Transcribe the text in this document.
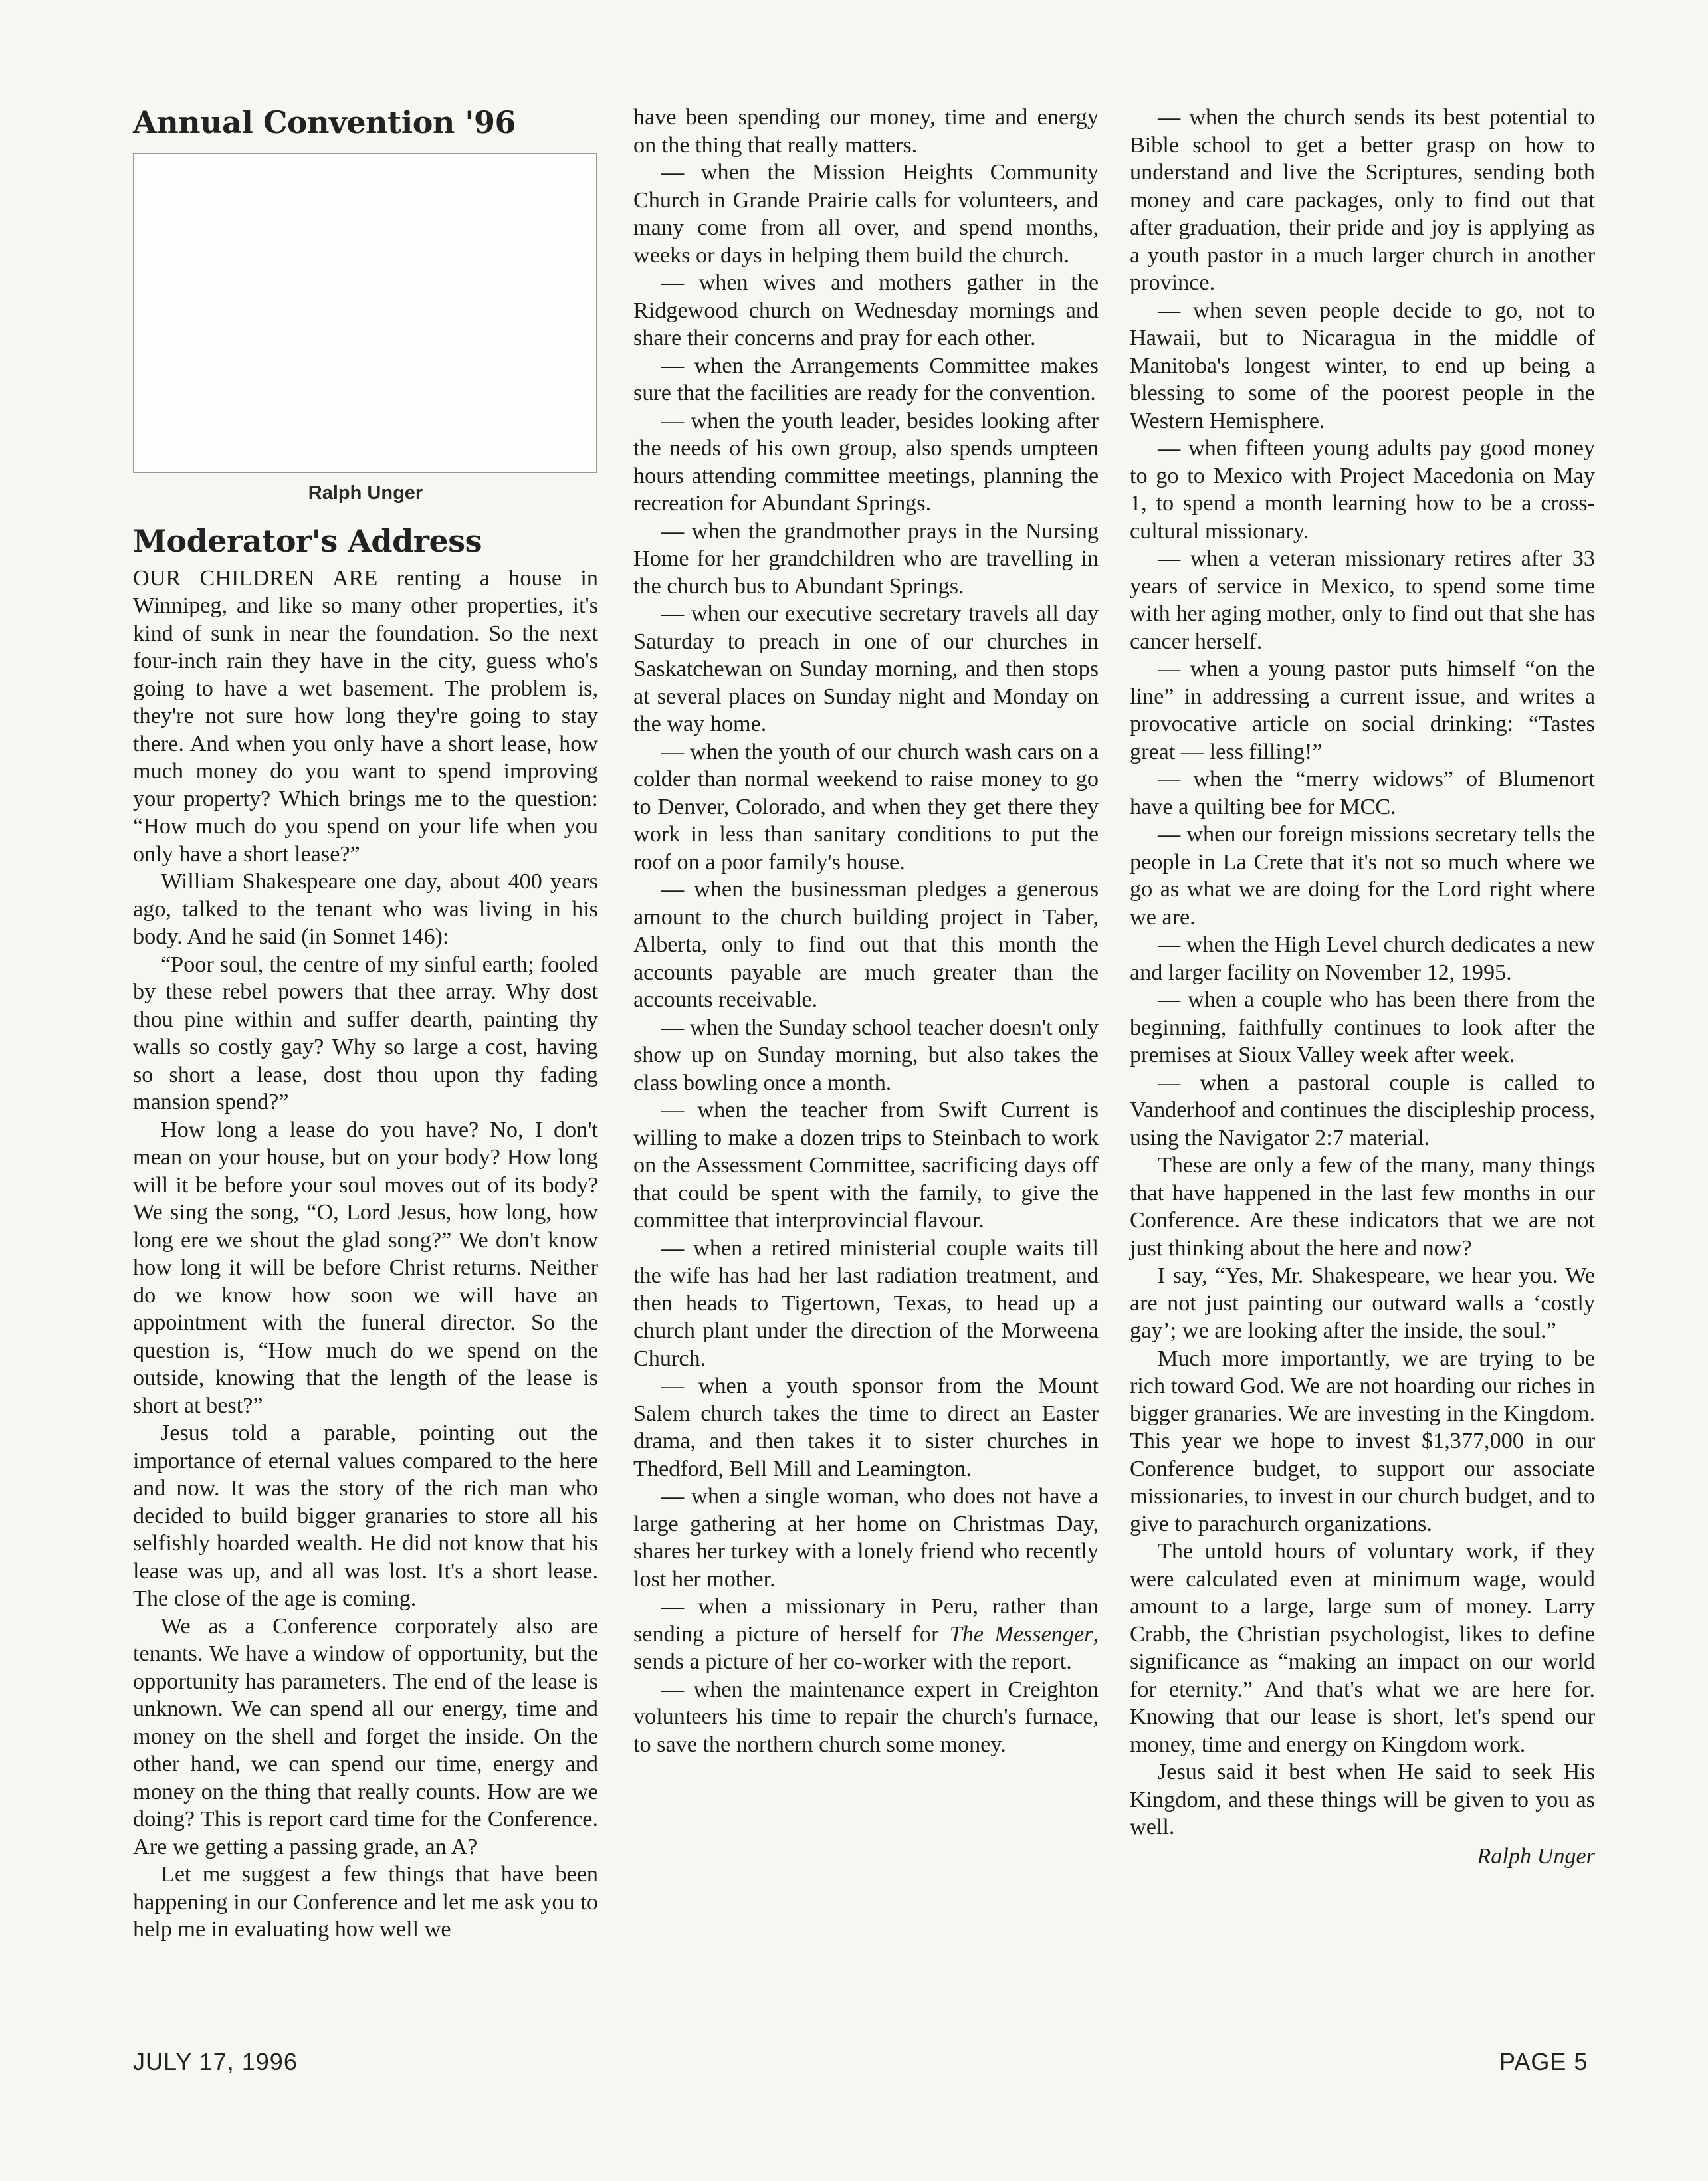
Annual Convention '96
Ralph Unger
Moderator's Address

OUR CHILDREN ARE renting a house in Winnipeg, and like so many other properties, it's kind of sunk in near the foundation. So the next four-inch rain they have in the city, guess who's going to have a wet basement. The problem is, they're not sure how long they're going to stay there. And when you only have a short lease, how much money do you want to spend improving your property? Which brings me to the question: “How much do you spend on your life when you only have a short lease?”

William Shakespeare one day, about 400 years ago, talked to the tenant who was living in his body. And he said (in Sonnet 146):

“Poor soul, the centre of my sinful earth; fooled by these rebel powers that thee array. Why dost thou pine within and suffer dearth, painting thy walls so costly gay? Why so large a cost, having so short a lease, dost thou upon thy fading mansion spend?”

How long a lease do you have? No, I don't mean on your house, but on your body? How long will it be before your soul moves out of its body? We sing the song, “O, Lord Jesus, how long, how long ere we shout the glad song?” We don't know how long it will be before Christ returns. Neither do we know how soon we will have an appointment with the funeral director. So the question is, “How much do we spend on the outside, knowing that the length of the lease is short at best?”

Jesus told a parable, pointing out the importance of eternal values compared to the here and now. It was the story of the rich man who decided to build bigger granaries to store all his selfishly hoarded wealth. He did not know that his lease was up, and all was lost. It's a short lease. The close of the age is coming.

We as a Conference corporately also are tenants. We have a window of opportunity, but the opportunity has parameters. The end of the lease is unknown. We can spend all our energy, time and money on the shell and forget the inside. On the other hand, we can spend our time, energy and money on the thing that really counts. How are we doing? This is report card time for the Conference. Are we getting a passing grade, an A?

Let me suggest a few things that have been happening in our Conference and let me ask you to help me in evaluating how well we

have been spending our money, time and energy on the thing that really matters.

— when the Mission Heights Community Church in Grande Prairie calls for volunteers, and many come from all over, and spend months, weeks or days in helping them build the church.

— when wives and mothers gather in the Ridgewood church on Wednesday mornings and share their concerns and pray for each other.

— when the Arrangements Committee makes sure that the facilities are ready for the convention.

— when the youth leader, besides looking after the needs of his own group, also spends umpteen hours attending committee meetings, planning the recreation for Abundant Springs.

— when the grandmother prays in the Nursing Home for her grandchildren who are travelling in the church bus to Abundant Springs.

— when our executive secretary travels all day Saturday to preach in one of our churches in Saskatchewan on Sunday morning, and then stops at several places on Sunday night and Monday on the way home.

— when the youth of our church wash cars on a colder than normal weekend to raise money to go to Denver, Colorado, and when they get there they work in less than sanitary conditions to put the roof on a poor family's house.

— when the businessman pledges a generous amount to the church building project in Taber, Alberta, only to find out that this month the accounts payable are much greater than the accounts receivable.

— when the Sunday school teacher doesn't only show up on Sunday morning, but also takes the class bowling once a month.

— when the teacher from Swift Current is willing to make a dozen trips to Steinbach to work on the Assessment Committee, sacrificing days off that could be spent with the family, to give the committee that interprovincial flavour.

— when a retired ministerial couple waits till the wife has had her last radiation treatment, and then heads to Tigertown, Texas, to head up a church plant under the direction of the Morweena Church.

— when a youth sponsor from the Mount Salem church takes the time to direct an Easter drama, and then takes it to sister churches in Thedford, Bell Mill and Leamington.

— when a single woman, who does not have a large gathering at her home on Christmas Day, shares her turkey with a lonely friend who recently lost her mother.

— when a missionary in Peru, rather than sending a picture of herself for The Messenger, sends a picture of her co-worker with the report.

— when the maintenance expert in Creighton volunteers his time to repair the church's furnace, to save the northern church some money.

— when the church sends its best potential to Bible school to get a better grasp on how to understand and live the Scriptures, sending both money and care packages, only to find out that after graduation, their pride and joy is applying as a youth pastor in a much larger church in another province.

— when seven people decide to go, not to Hawaii, but to Nicaragua in the middle of Manitoba's longest winter, to end up being a blessing to some of the poorest people in the Western Hemisphere.

— when fifteen young adults pay good money to go to Mexico with Project Macedonia on May 1, to spend a month learning how to be a cross-cultural missionary.

— when a veteran missionary retires after 33 years of service in Mexico, to spend some time with her aging mother, only to find out that she has cancer herself.

— when a young pastor puts himself “on the line” in addressing a current issue, and writes a provocative article on social drinking: “Tastes great — less filling!”

— when the “merry widows” of Blumenort have a quilting bee for MCC.

— when our foreign missions secretary tells the people in La Crete that it's not so much where we go as what we are doing for the Lord right where we are.

— when the High Level church dedicates a new and larger facility on November 12, 1995.

— when a couple who has been there from the beginning, faithfully continues to look after the premises at Sioux Valley week after week.

— when a pastoral couple is called to Vanderhoof and continues the discipleship process, using the Navigator 2:7 material.

These are only a few of the many, many things that have happened in the last few months in our Conference. Are these indicators that we are not just thinking about the here and now?

I say, “Yes, Mr. Shakespeare, we hear you. We are not just painting our outward walls a ‘costly gay’; we are looking after the inside, the soul.”

Much more importantly, we are trying to be rich toward God. We are not hoarding our riches in bigger granaries. We are investing in the Kingdom. This year we hope to invest $1,377,000 in our Conference budget, to support our associate missionaries, to invest in our church budget, and to give to parachurch organizations.

The untold hours of voluntary work, if they were calculated even at minimum wage, would amount to a large, large sum of money. Larry Crabb, the Christian psychologist, likes to define significance as “making an impact on our world for eternity.” And that's what we are here for. Knowing that our lease is short, let's spend our money, time and energy on Kingdom work.

Jesus said it best when He said to seek His Kingdom, and these things will be given to you as well.

Ralph Unger
JULY 17, 1996	PAGE 5
